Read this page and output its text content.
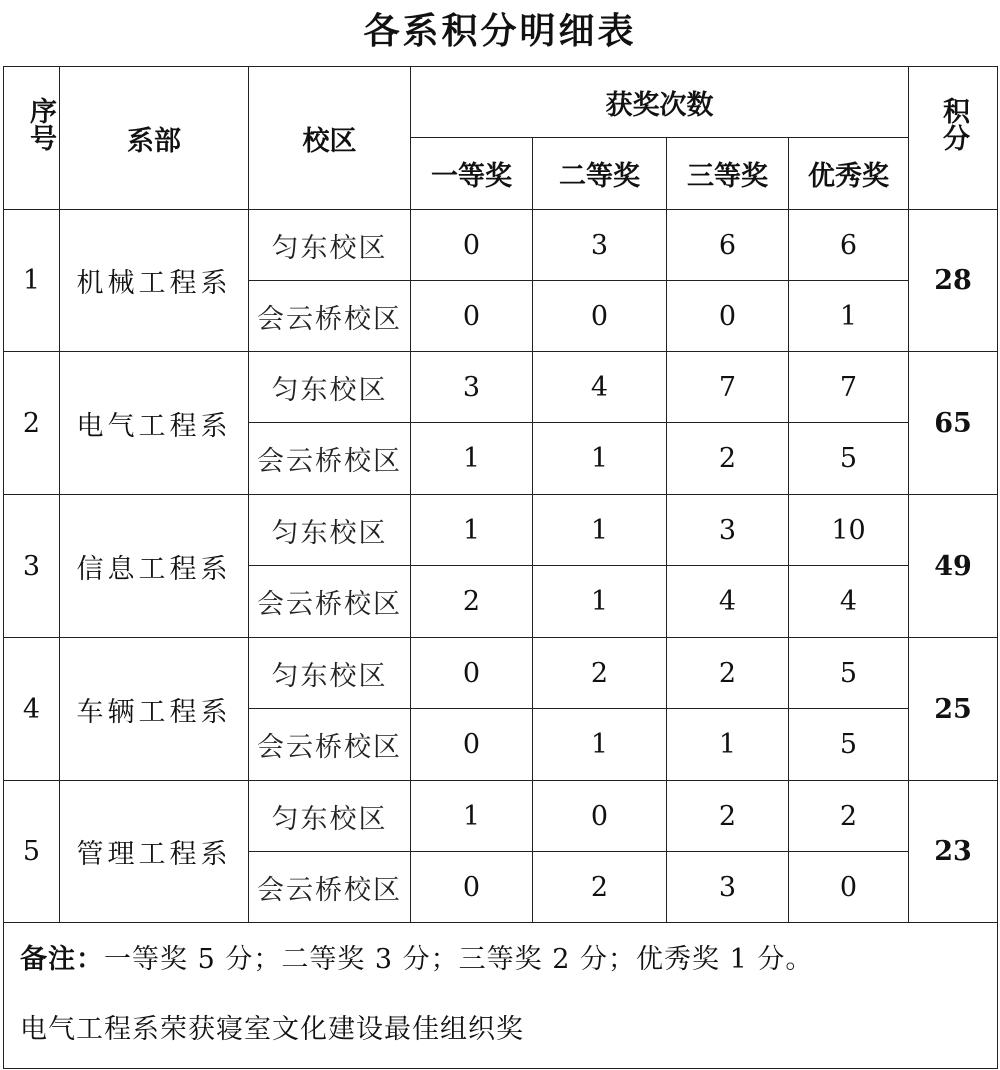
各系积分明细表
序号	系部	校区	获奖次数				积分
			一等奖	二等奖	三等奖	优秀奖	
1	机械工程系	匀东校区	0	3	6	6	28
		会云桥校区	0	0	0	1	
2	电气工程系	匀东校区	3	4	7	7	65
		会云桥校区	1	1	2	5	
3	信息工程系	匀东校区	1	1	3	10	49
		会云桥校区	2	1	4	4	
4	车辆工程系	匀东校区	0	2	2	5	25
		会云桥校区	0	1	1	5	
5	管理工程系	匀东校区	1	0	2	2	23
		会云桥校区	0	2	3	0	

备注：一等奖 5 分；二等奖 3 分；三等奖 2 分；优秀奖 1 分。
电气工程系荣获寝室文化建设最佳组织奖							
